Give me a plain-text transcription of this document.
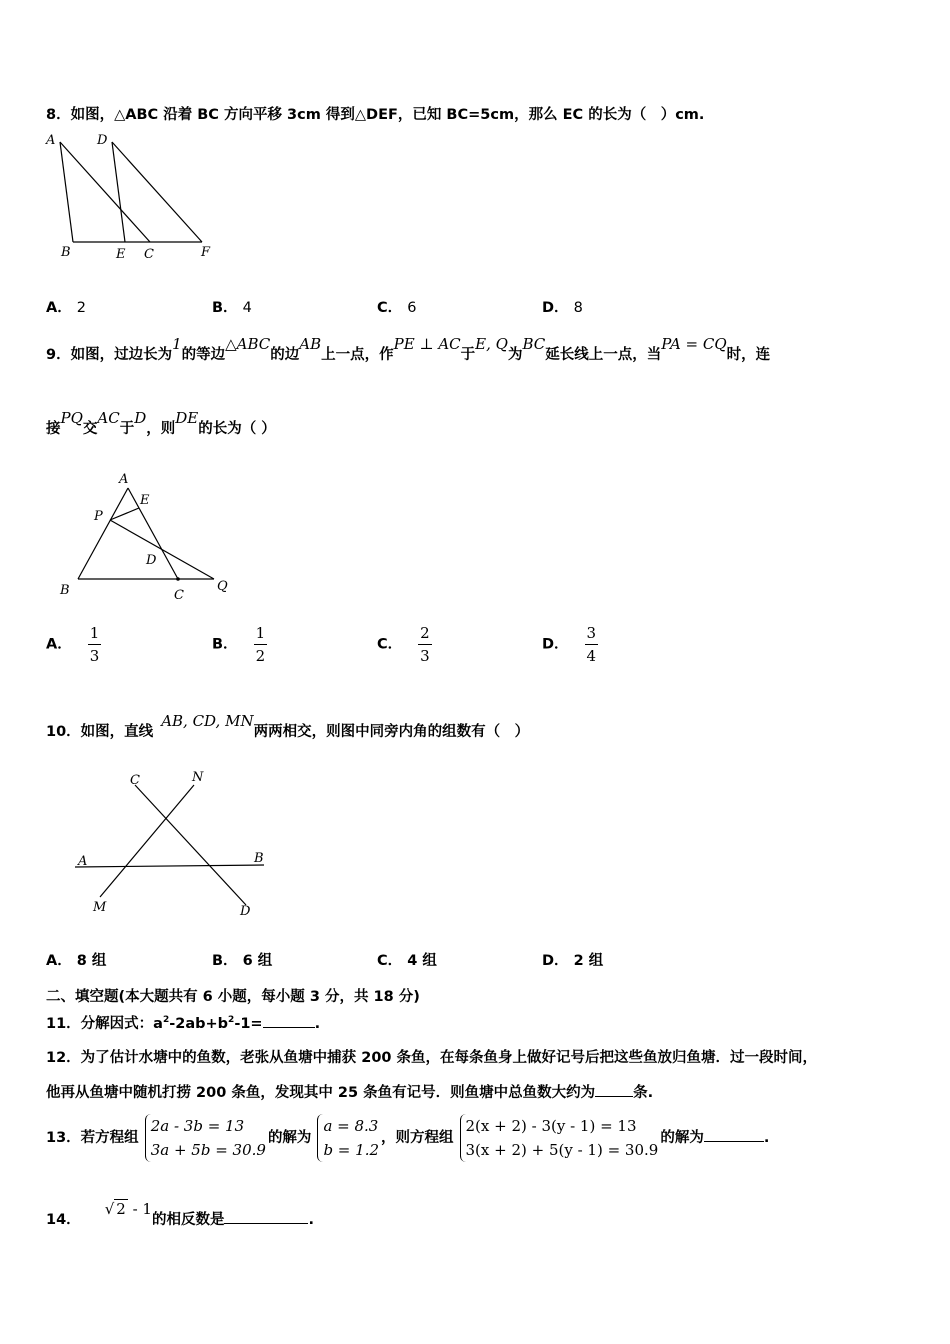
8．如图，△ABC 沿着 BC 方向平移 3cm 得到△DEF，已知 BC=5cm，那么 EC 的长为（　）cm.
A	D
B	E C	F
A． 2	B． 4	C． 6	D． 8
9．如图，过边长为1的等边△ABC的边AB上一点，作PE ⊥ AC于E, Q为BC延长线上一点，当PA = CQ时，连
接PQ交AC于D，则DE的长为（ ）
A
E
P
D
B	C
Q
A． $\frac{1}{3}$	B． $\frac{1}{2}$	C． $\frac{2}{3}$	D． $\frac{3}{4}$
10．如图，直线AB, CD, MN两两相交，则图中同旁内角的组数有（　）
C	N
A	B
M	D
A． 8 组	B． 6 组	C． 4 组	D． 2 组
二、填空题(本大题共有 6 小题，每小题 3 分，共 18 分)
11．分解因式：$a^2-2ab+b^2-1=$	.
12．为了估计水塘中的鱼数，老张从鱼塘中捕获 200 条鱼，在每条鱼身上做好记号后把这些鱼放归鱼塘．过一段时间，
他再从鱼塘中随机打捞 200 条鱼，发现其中 25 条鱼有记号．则鱼塘中总鱼数大约为	条.
13．若方程组
2a - 3b = 13
3a + 5b = 30.9
的解为
a = 8.3
b = 1.2
，则方程组
2(x + 2) - 3(y - 1) = 13
3(x + 2) + 5(y - 1) = 30.9
的解为	.
14．√ 2 - 1的相反数是	.
